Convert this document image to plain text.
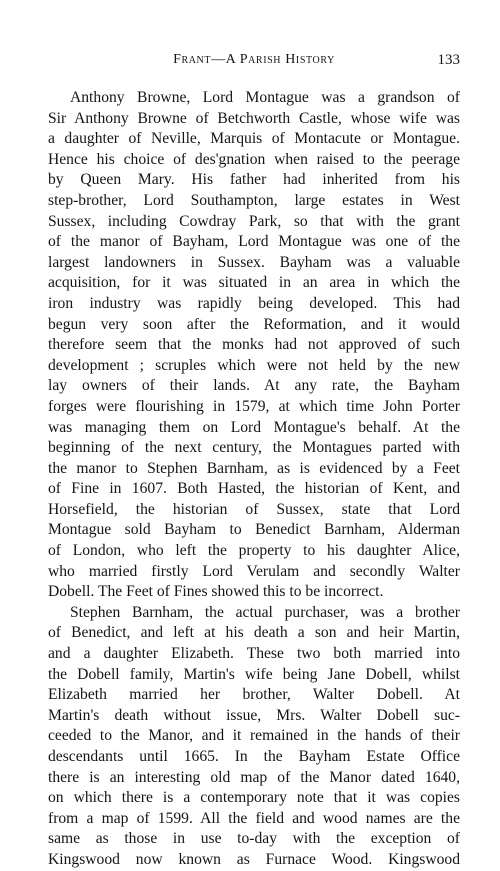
Frant—A Parish History	133

Anthony Browne, Lord Montague was a grandson of
Sir Anthony Browne of Betchworth Castle, whose wife was
a daughter of Neville, Marquis of Montacute or Montague.
Hence his choice of des'gnation when raised to the peerage
by Queen Mary. His father had inherited from his
step-brother, Lord Southampton, large estates in West
Sussex, including Cowdray Park, so that with the grant
of the manor of Bayham, Lord Montague was one of the
largest landowners in Sussex. Bayham was a valuable
acquisition, for it was situated in an area in which the
iron industry was rapidly being developed. This had
begun very soon after the Reformation, and it would
therefore seem that the monks had not approved of such
development ; scruples which were not held by the new
lay owners of their lands. At any rate, the Bayham
forges were flourishing in 1579, at which time John Porter
was managing them on Lord Montague's behalf. At the
beginning of the next century, the Montagues parted with
the manor to Stephen Barnham, as is evidenced by a Feet
of Fine in 1607. Both Hasted, the historian of Kent, and
Horsefield, the historian of Sussex, state that Lord
Montague sold Bayham to Benedict Barnham, Alderman
of London, who left the property to his daughter Alice,
who married firstly Lord Verulam and secondly Walter
Dobell. The Feet of Fines showed this to be incorrect.

Stephen Barnham, the actual purchaser, was a brother
of Benedict, and left at his death a son and heir Martin,
and a daughter Elizabeth. These two both married into
the Dobell family, Martin's wife being Jane Dobell, whilst
Elizabeth married her brother, Walter Dobell. At
Martin's death without issue, Mrs. Walter Dobell suc-
ceeded to the Manor, and it remained in the hands of their
descendants until 1665. In the Bayham Estate Office
there is an interesting old map of the Manor dated 1640,
on which there is a contemporary note that it was copies
from a map of 1599. All the field and wood names are the
same as those in use to-day with the exception of
Kingswood now known as Furnace Wood. Kingswood
